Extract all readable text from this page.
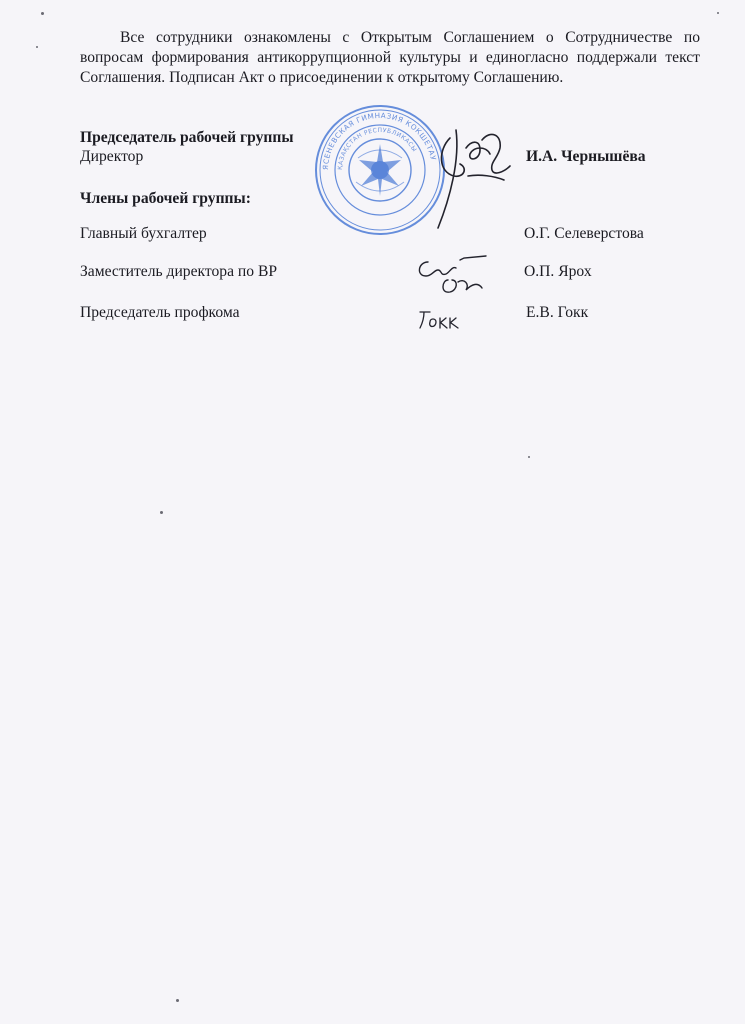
Все сотрудники ознакомлены с Открытым Соглашением о Сотрудничестве по вопросам формирования антикоррупционной культуры и единогласно поддержали текст Соглашения. Подписан Акт о присоединении к открытому Соглашению.

Председатель рабочей группы
Директор	И.А. Чернышёва
Члены рабочей группы:
Главный бухгалтер	О.Г. Селеверстова
Заместитель директора по ВР	О.П. Ярох
Председатель профкома	Е.В. Гокк
ЯСЕНЕВСКАЯ ГИМНАЗИЯ КОКШЕТАУ
ҚАЗАҚСТАН РЕСПУБЛИКАСЫ
